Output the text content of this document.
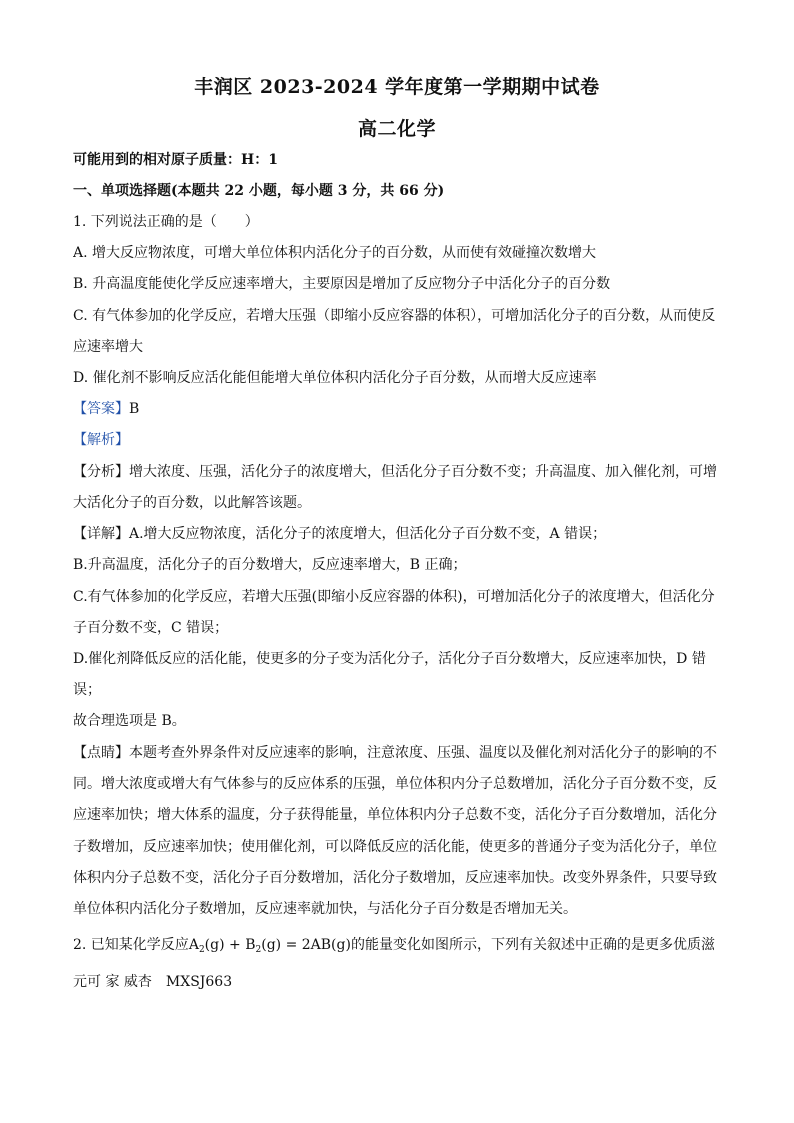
丰润区 2023-2024 学年度第一学期期中试卷
高二化学
可能用到的相对原子质量：H：1
一、单项选择题(本题共 22 小题，每小题 3 分，共 66 分)
1. 下列说法正确的是（　　）
A. 增大反应物浓度，可增大单位体积内活化分子的百分数，从而使有效碰撞次数增大
B. 升高温度能使化学反应速率增大，主要原因是增加了反应物分子中活化分子的百分数
C. 有气体参加的化学反应，若增大压强（即缩小反应容器的体积），可增加活化分子的百分数，从而使反
应速率增大
D. 催化剂不影响反应活化能但能增大单位体积内活化分子百分数，从而增大反应速率
【答案】B
【解析】
【分析】增大浓度、压强，活化分子的浓度增大，但活化分子百分数不变；升高温度、加入催化剂，可增
大活化分子的百分数，以此解答该题。
【详解】A.增大反应物浓度，活化分子的浓度增大，但活化分子百分数不变，A 错误；
B.升高温度，活化分子的百分数增大，反应速率增大，B 正确；
C.有气体参加的化学反应，若增大压强(即缩小反应容器的体积)，可增加活化分子的浓度增大，但活化分
子百分数不变，C 错误；
D.催化剂降低反应的活化能，使更多的分子变为活化分子，活化分子百分数增大，反应速率加快，D 错
误；
故合理选项是 B。
【点睛】本题考查外界条件对反应速率的影响，注意浓度、压强、温度以及催化剂对活化分子的影响的不
同。增大浓度或增大有气体参与的反应体系的压强，单位体积内分子总数增加，活化分子百分数不变，反
应速率加快；增大体系的温度，分子获得能量，单位体积内分子总数不变，活化分子百分数增加，活化分
子数增加，反应速率加快；使用催化剂，可以降低反应的活化能，使更多的普通分子变为活化分子，单位
体积内分子总数不变，活化分子百分数增加，活化分子数增加，反应速率加快。改变外界条件，只要导致
单位体积内活化分子数增加，反应速率就加快，与活化分子百分数是否增加无关。
2. 已知某化学反应$A_2(g) + B_2(g) = 2AB(g)$的能量变化如图所示，下列有关叙述中正确的是更多优质滋
元可 家 威杏　MXSJ663
